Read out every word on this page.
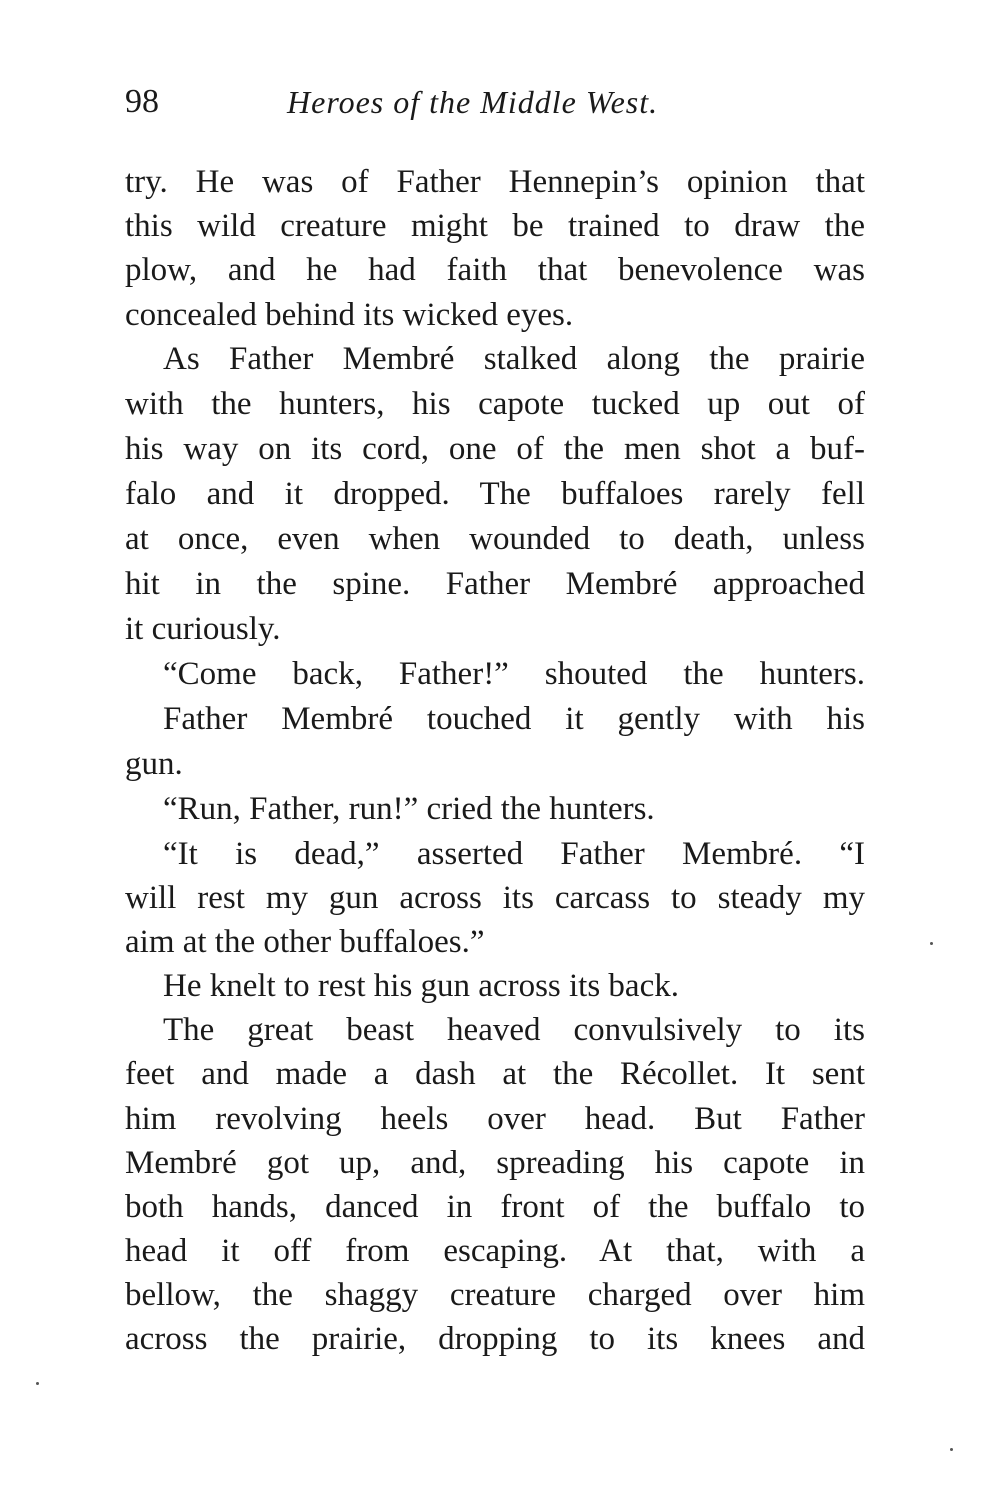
98	Heroes of the Middle West.
try. He was of Father Hennepin’s opinion that
this wild creature might be trained to draw the
plow, and he had faith that benevolence was
concealed behind its wicked eyes.
As Father Membré stalked along the prairie
with the hunters, his capote tucked up out of
his way on its cord, one of the men shot a buf-
falo and it dropped. The buffaloes rarely fell
at once, even when wounded to death, unless
hit in the spine. Father Membré approached
it curiously.
“Come back, Father!” shouted the hunters.
Father Membré touched it gently with his
gun.
“Run, Father, run!” cried the hunters.
“It is dead,” asserted Father Membré. “I
will rest my gun across its carcass to steady my
aim at the other buffaloes.”
He knelt to rest his gun across its back.
The great beast heaved convulsively to its
feet and made a dash at the Récollet. It sent
him revolving heels over head. But Father
Membré got up, and, spreading his capote in
both hands, danced in front of the buffalo to
head it off from escaping. At that, with a
bellow, the shaggy creature charged over him
across the prairie, dropping to its knees and
